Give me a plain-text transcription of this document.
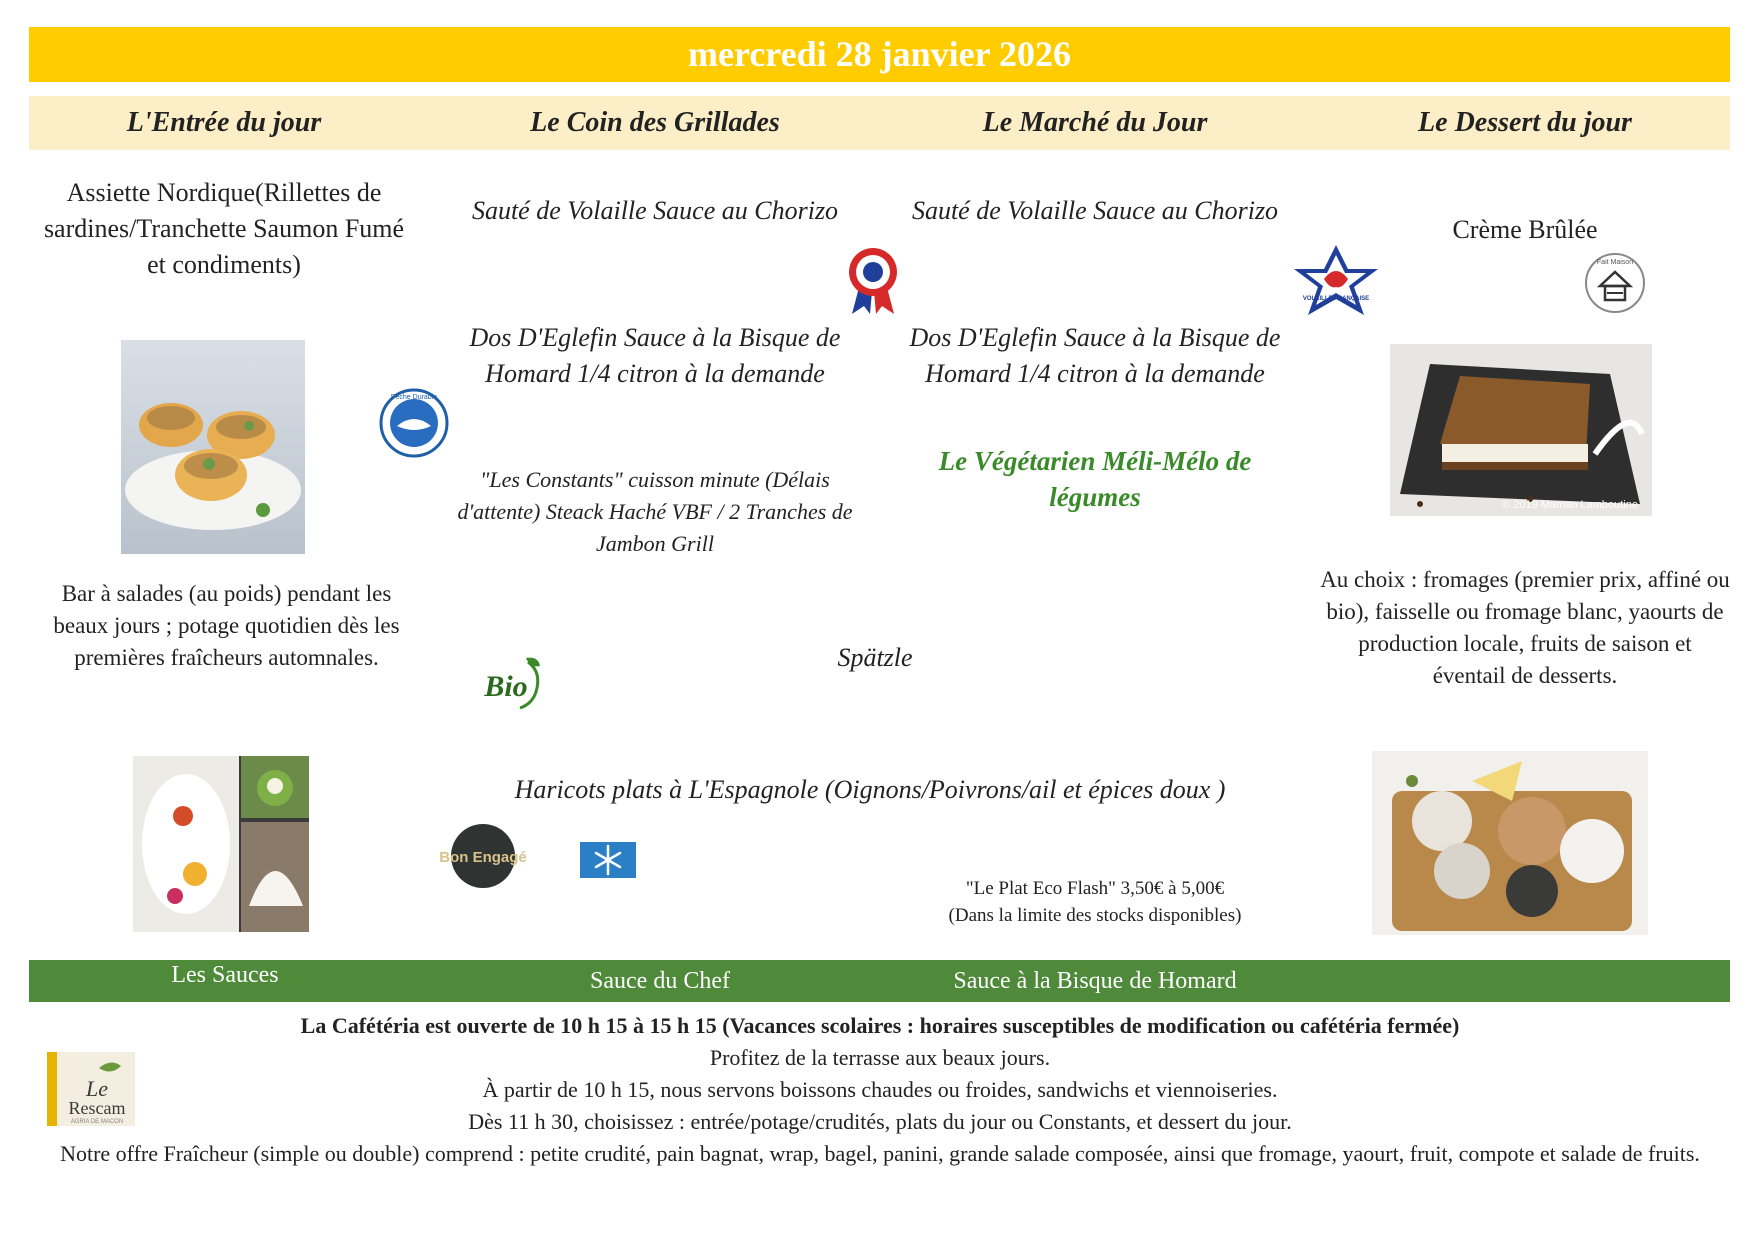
mercredi 28 janvier 2026
L'Entrée du jour	Le Coin des Grillades	Le Marché du Jour	Le Dessert du jour
Assiette Nordique(Rillettes de sardines/Tranchette Saumon Fumé et condiments)
Pêche Durable
Bar à salades (au poids) pendant les beaux jours ; potage quotidien dès les premières fraîcheurs automnales.
Sauté de Volaille Sauce au Chorizo
Dos D'Eglefin Sauce à la Bisque de Homard 1/4 citron à la demande
"Les Constants" cuisson minute (Délais d'attente) Steack Haché VBF / 2 Tranches de Jambon Grill
Sauté de Volaille Sauce au Chorizo
Dos D'Eglefin Sauce à la Bisque de Homard 1/4 citron à la demande
Le Végétarien Méli-Mélo de légumes
VOLAILLE FRANÇAISE
Crème Brûlée
Fait Maison
© 2019 Maman Lamboutine
Au choix : fromages (premier prix, affiné ou bio), faisselle ou fromage blanc, yaourts de production locale, fruits de saison et éventail de desserts.
Bio
Spätzle
Haricots plats à L'Espagnole (Oignons/Poivrons/ail et épices doux )
Bon Engagé
"Le Plat Eco Flash" 3,50€ à 5,00€
(Dans la limite des stocks disponibles)
Les Sauces	Sauce du Chef	Sauce à la Bisque de Homard
Le
Rescam
AGRIA DE MACON
La Cafétéria est ouverte de 10 h 15 à 15 h 15 (Vacances scolaires : horaires susceptibles de modification ou cafétéria fermée)
Profitez de la terrasse aux beaux jours.
À partir de 10 h 15, nous servons boissons chaudes ou froides, sandwichs et viennoiseries.
Dès 11 h 30, choisissez : entrée/potage/crudités, plats du jour ou Constants, et dessert du jour.
Notre offre Fraîcheur (simple ou double) comprend : petite crudité, pain bagnat, wrap, bagel, panini, grande salade composée, ainsi que fromage, yaourt, fruit, compote et salade de fruits.
